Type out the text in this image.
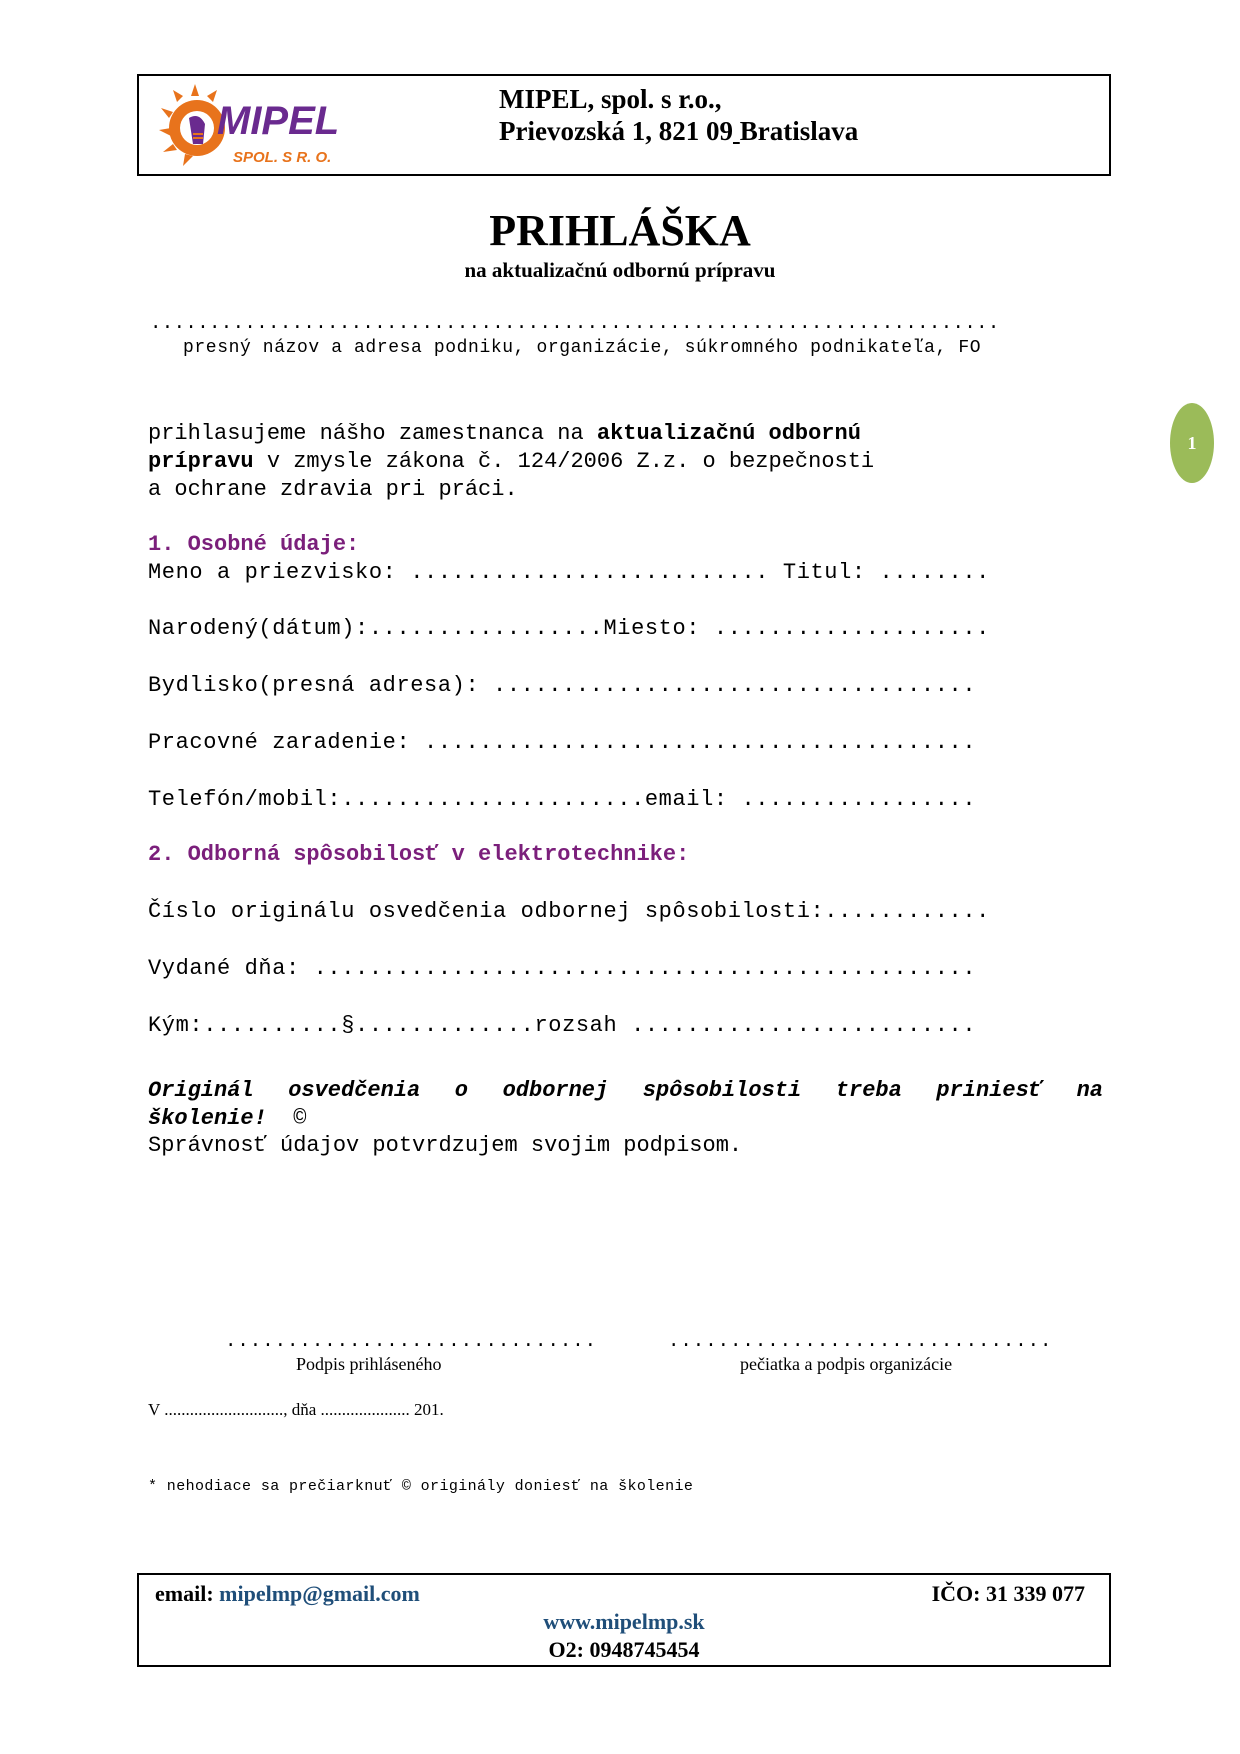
MIPEL
SPOL. S R. O.
MIPEL, spol. s r.o.,
Prievozská 1, 821 09 Bratislava
PRIHLÁŠKA
na aktualizačnú odbornú prípravu
........................................................................
presný názov a adresa podniku, organizácie, súkromného podnikateľa, FO
1
prihlasujeme nášho zamestnanca na aktualizačnú odbornú
prípravu v zmysle zákona č. 124/2006 Z.z. o bezpečnosti
a ochrane zdravia pri práci.
1. Osobné údaje:
Meno a priezvisko: .......................... Titul: ........
Narodený(dátum):.................Miesto: ....................
Bydlisko(presná adresa): ...................................
Pracovné zaradenie: ........................................
Telefón/mobil:......................email: .................
2. Odborná spôsobilosť v elektrotechnike:
Číslo originálu osvedčenia odbornej spôsobilosti:............
Vydané dňa: ................................................
Kým:..........§.............rozsah .........................
Originál osvedčenia o odbornej spôsobilosti treba priniesť na školenie! ©
Správnosť údajov potvrdzujem svojim podpisom.
..............................	...............................
Podpis prihláseného	pečiatka a podpis organizácie
V ............................, dňa ..................... 201.
* nehodiace sa prečiarknuť © originály doniesť na školenie
email: mipelmp@gmail.com	IČO: 31 339 077
www.mipelmp.sk
O2: 0948745454
